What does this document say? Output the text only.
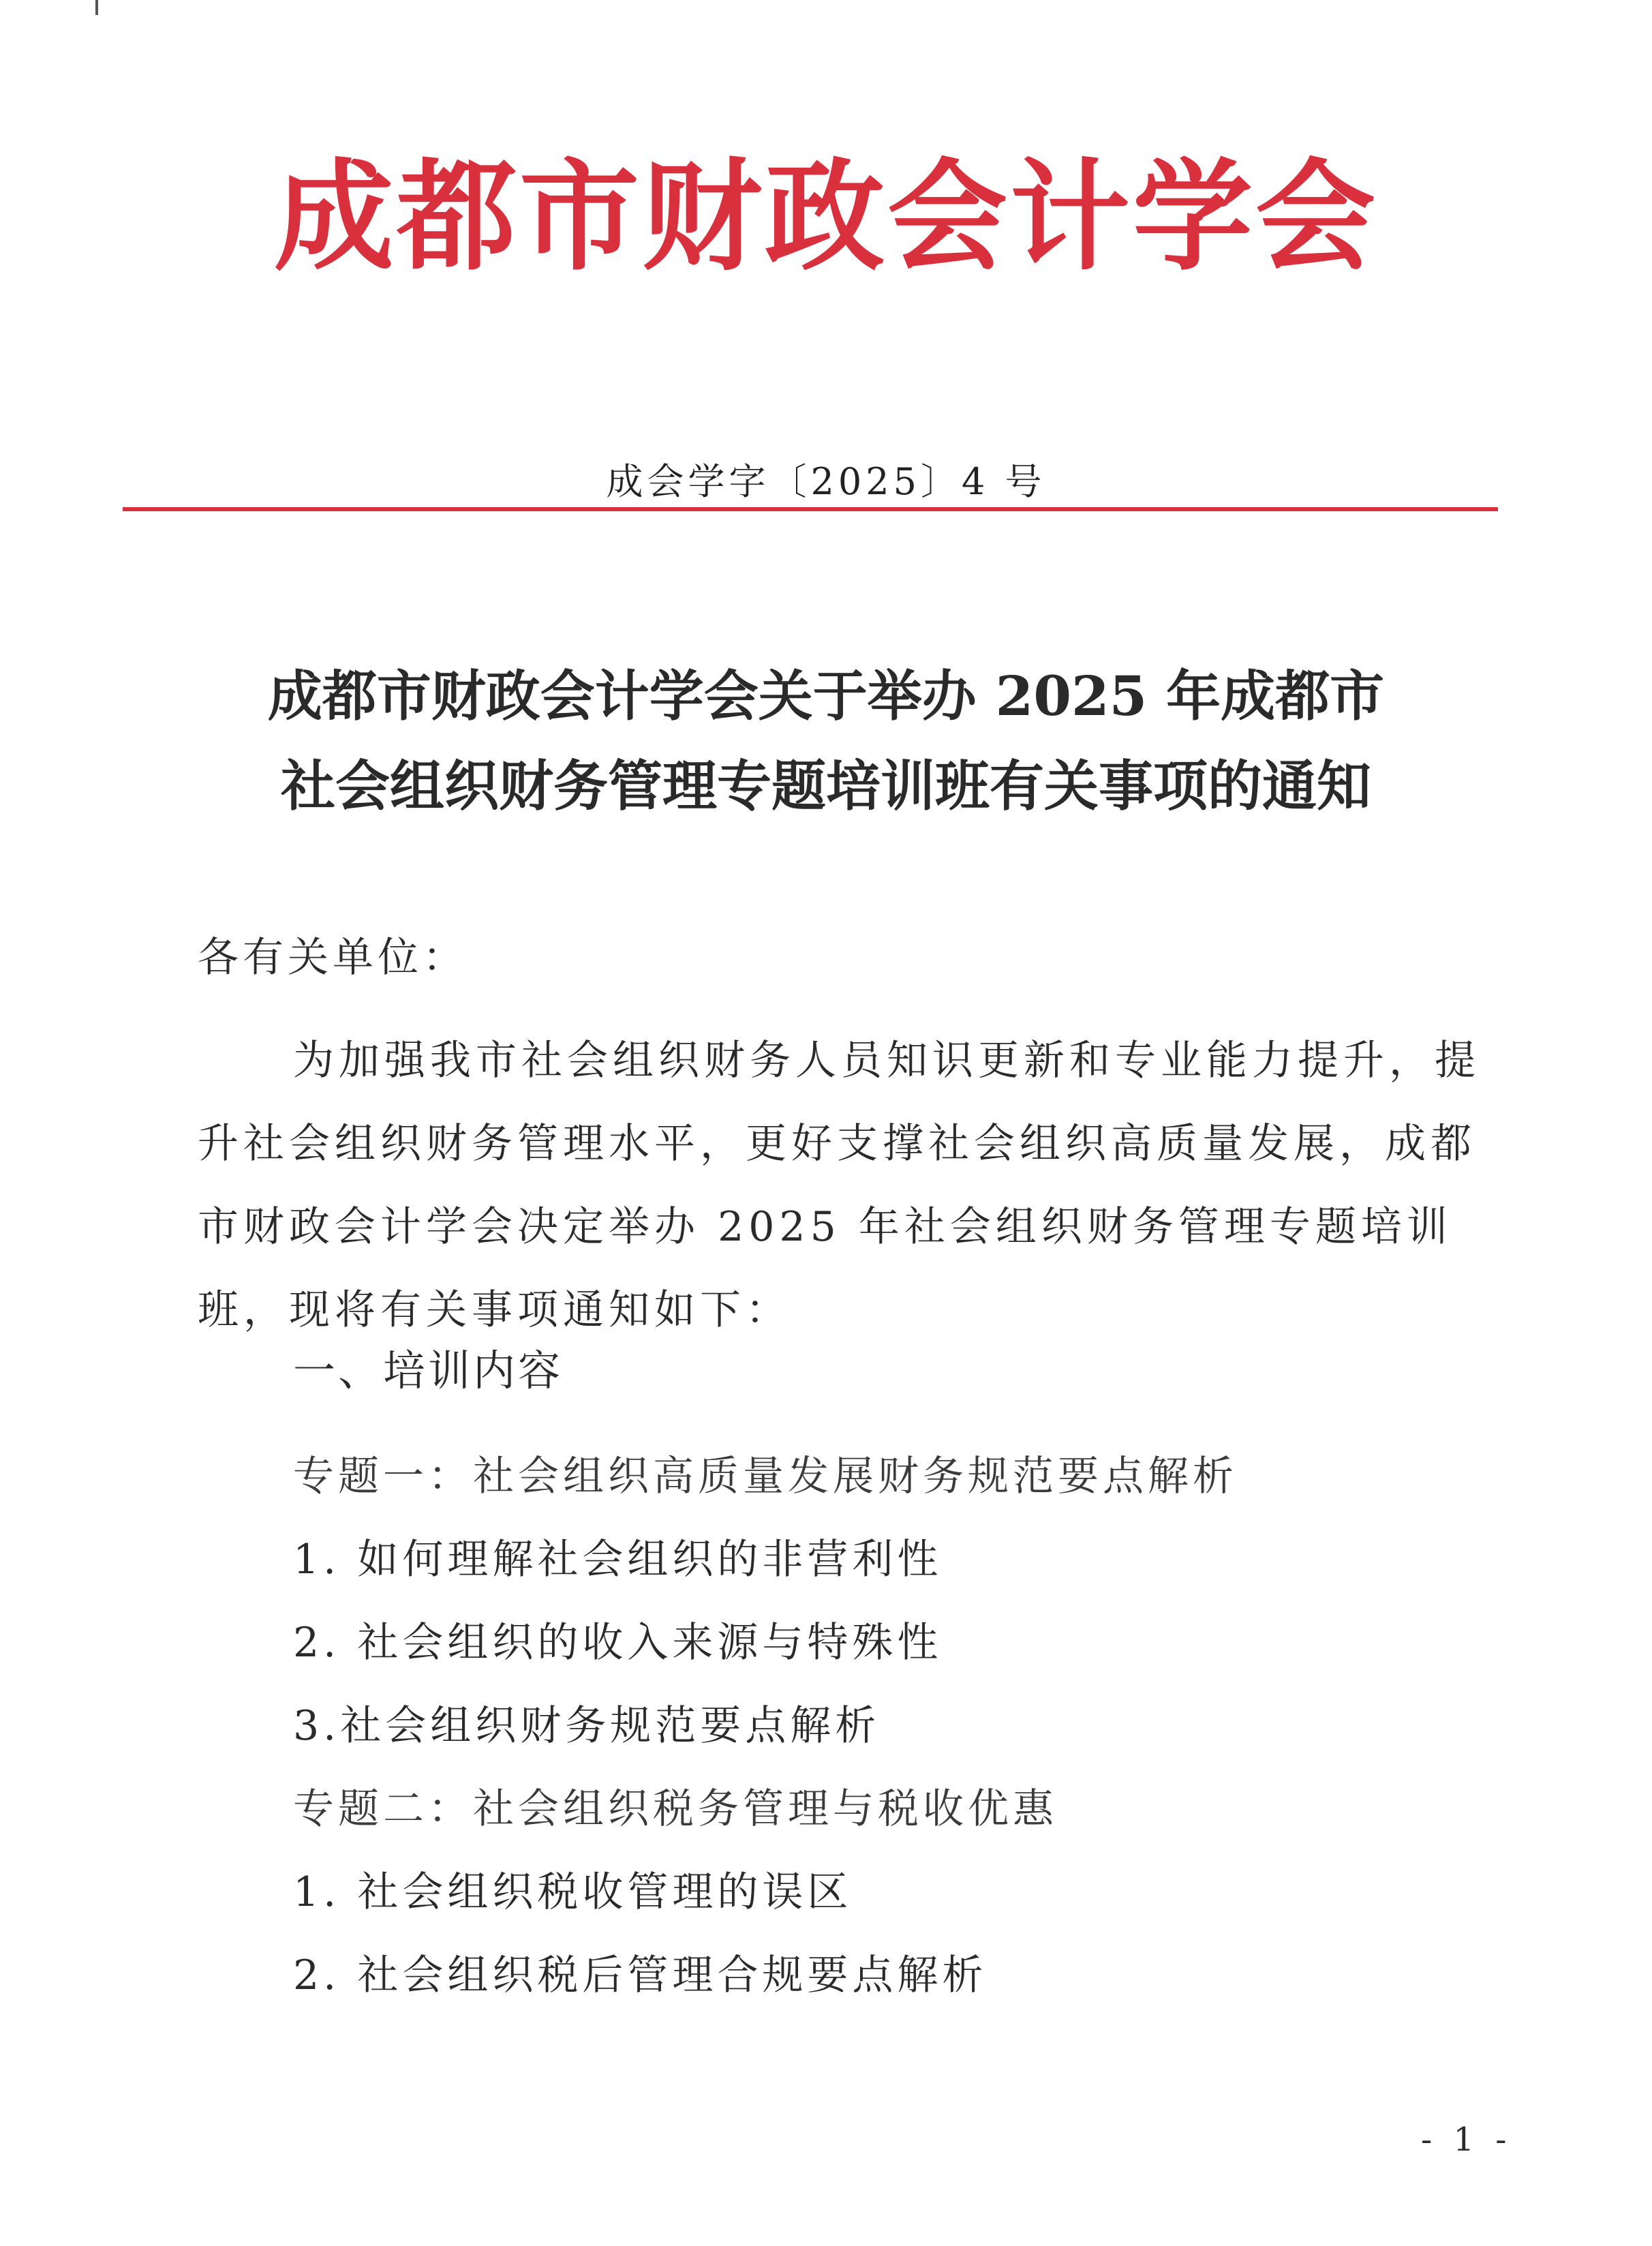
成都市财政会计学会
成会学字〔2025〕4 号
成都市财政会计学会关于举办 2025 年成都市
社会组织财务管理专题培训班有关事项的通知
各有关单位：
为加强我市社会组织财务人员知识更新和专业能力提升，提
升社会组织财务管理水平，更好支撑社会组织高质量发展，成都
市财政会计学会决定举办 2025 年社会组织财务管理专题培训
班，现将有关事项通知如下：
一、培训内容
专题一：社会组织高质量发展财务规范要点解析
1. 如何理解社会组织的非营利性
2. 社会组织的收入来源与特殊性
3.社会组织财务规范要点解析
专题二：社会组织税务管理与税收优惠
1. 社会组织税收管理的误区
2. 社会组织税后管理合规要点解析
- 1 -
